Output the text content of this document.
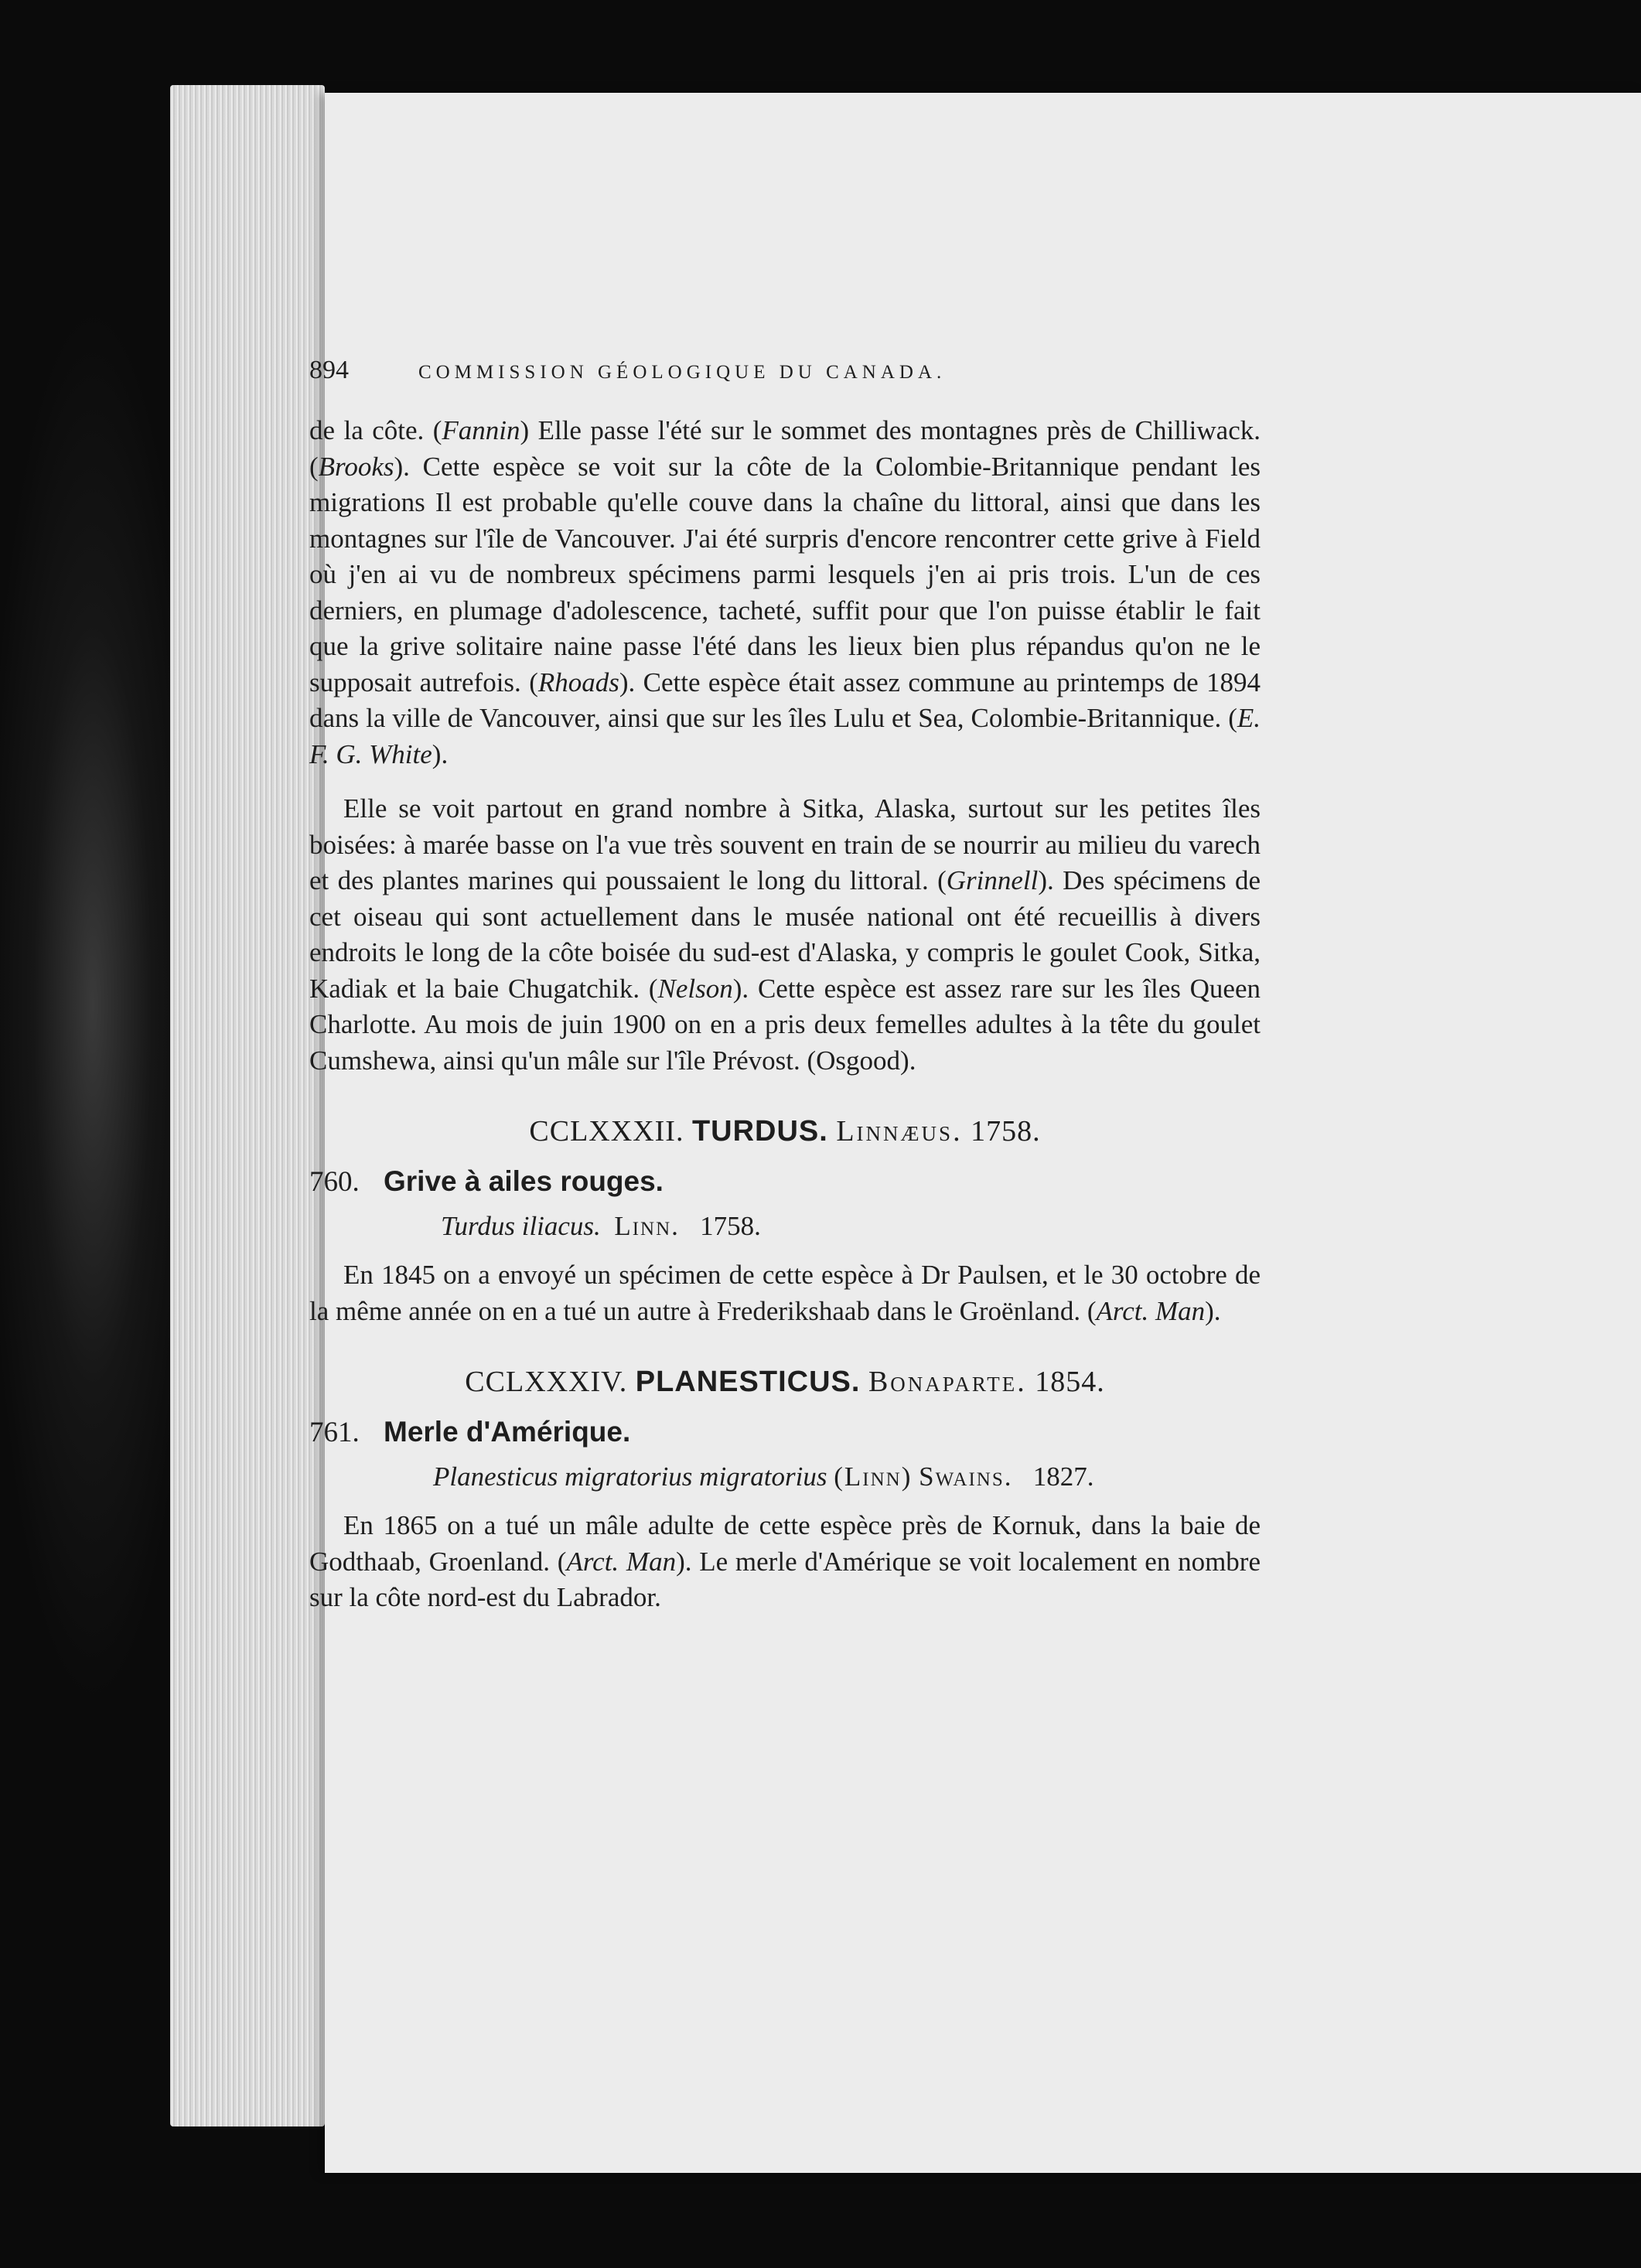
894	COMMISSION GÉOLOGIQUE DU CANADA.

de la côte. (Fannin) Elle passe l'été sur le sommet des montagnes près de Chilliwack. (Brooks). Cette espèce se voit sur la côte de la Colombie-Britannique pendant les migrations Il est probable qu'elle couve dans la chaîne du littoral, ainsi que dans les montagnes sur l'île de Vancouver. J'ai été surpris d'encore rencontrer cette grive à Field où j'en ai vu de nombreux spécimens parmi lesquels j'en ai pris trois. L'un de ces derniers, en plumage d'adolescence, tacheté, suffit pour que l'on puisse établir le fait que la grive solitaire naine passe l'été dans les lieux bien plus répandus qu'on ne le supposait autrefois. (Rhoads). Cette espèce était assez commune au printemps de 1894 dans la ville de Vancouver, ainsi que sur les îles Lulu et Sea, Colombie-Britannique. (E. F. G. White).

Elle se voit partout en grand nombre à Sitka, Alaska, surtout sur les petites îles boisées: à marée basse on l'a vue très souvent en train de se nourrir au milieu du varech et des plantes marines qui poussaient le long du littoral. (Grinnell). Des spécimens de cet oiseau qui sont actuellement dans le musée national ont été recueillis à divers endroits le long de la côte boisée du sud-est d'Alaska, y compris le goulet Cook, Sitka, Kadiak et la baie Chugatchik. (Nelson). Cette espèce est assez rare sur les îles Queen Charlotte. Au mois de juin 1900 on en a pris deux femelles adultes à la tête du goulet Cumshewa, ainsi qu'un mâle sur l'île Prévost. (Osgood).

CCLXXXII. TURDUS. Linnæus. 1758.
760. Grive à ailes rouges.
Turdus iliacus. Linn. 1758.

En 1845 on a envoyé un spécimen de cette espèce à Dr Paulsen, et le 30 octobre de la même année on en a tué un autre à Frederikshaab dans le Groënland. (Arct. Man).

CCLXXXIV. PLANESTICUS. Bonaparte. 1854.
761. Merle d'Amérique.
Planesticus migratorius migratorius (Linn) Swains. 1827.

En 1865 on a tué un mâle adulte de cette espèce près de Kornuk, dans la baie de Godthaab, Groenland. (Arct. Man). Le merle d'Amérique se voit localement en nombre sur la côte nord-est du Labrador.
